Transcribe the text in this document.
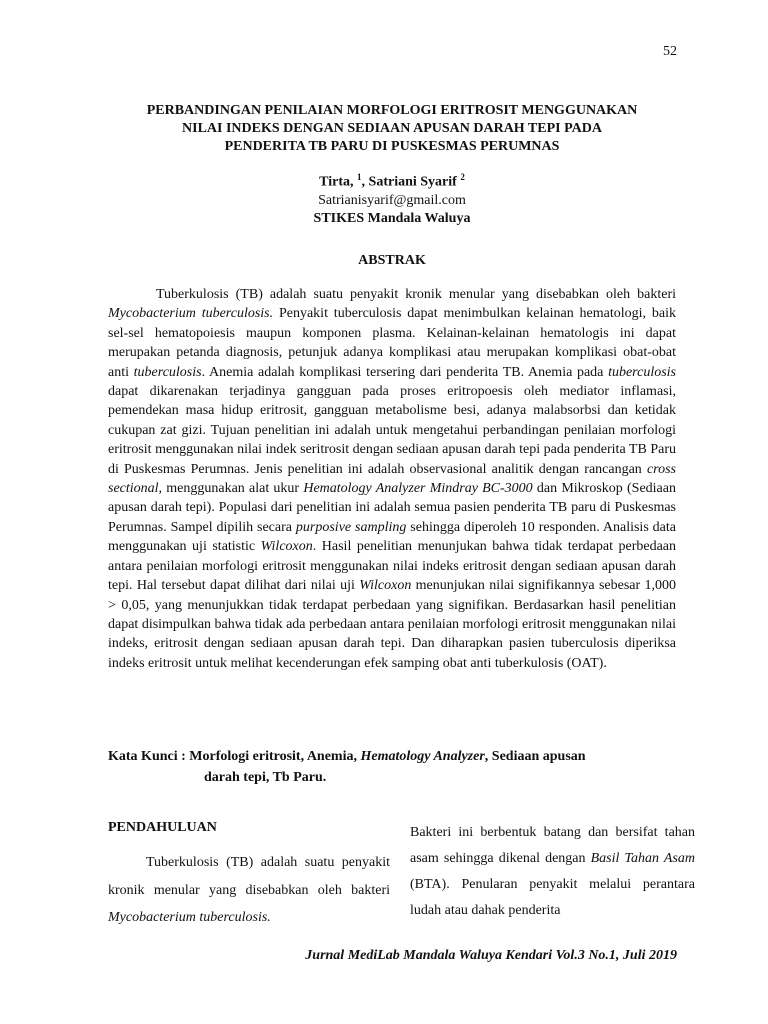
52
PERBANDINGAN PENILAIAN MORFOLOGI ERITROSIT MENGGUNAKAN
NILAI INDEKS DENGAN SEDIAAN APUSAN DARAH TEPI PADA
PENDERITA TB PARU DI PUSKESMAS PERUMNAS
Tirta, $^1$, Satriani Syarif $^2$
Satrianisyarif@gmail.com
STIKES Mandala Waluya
ABSTRAK

Tuberkulosis (TB) adalah suatu penyakit kronik menular yang disebabkan oleh bakteri Mycobacterium tuberculosis. Penyakit tuberculosis dapat menimbulkan kelainan hematologi, baik sel-sel hematopoiesis maupun komponen plasma. Kelainan-kelainan hematologis ini dapat merupakan petanda diagnosis, petunjuk adanya komplikasi atau merupakan komplikasi obat-obat anti tuberculosis. Anemia adalah komplikasi tersering dari penderita TB. Anemia pada tuberculosis dapat dikarenakan terjadinya gangguan pada proses eritropoesis oleh mediator inflamasi, pemendekan masa hidup eritrosit, gangguan metabolisme besi, adanya malabsorbsi dan ketidak cukupan zat gizi. Tujuan penelitian ini adalah untuk mengetahui perbandingan penilaian morfologi eritrosit menggunakan nilai indek seritrosit dengan sediaan apusan darah tepi pada penderita TB Paru di Puskesmas Perumnas. Jenis penelitian ini adalah observasional analitik dengan rancangan cross sectional, menggunakan alat ukur Hematology Analyzer Mindray BC-3000 dan Mikroskop (Sediaan apusan darah tepi). Populasi dari penelitian ini adalah semua pasien penderita TB paru di Puskesmas Perumnas. Sampel dipilih secara purposive sampling sehingga diperoleh 10 responden. Analisis data menggunakan uji statistic Wilcoxon. Hasil penelitian menunjukan bahwa tidak terdapat perbedaan antara penilaian morfologi eritrosit menggunakan nilai indeks eritrosit dengan sediaan apusan darah tepi. Hal tersebut dapat dilihat dari nilai uji Wilcoxon menunjukan nilai signifikannya sebesar 1,000 > 0,05, yang menunjukkan tidak terdapat perbedaan yang signifikan. Berdasarkan hasil penelitian dapat disimpulkan bahwa tidak ada perbedaan antara penilaian morfologi eritrosit menggunakan nilai indeks, eritrosit dengan sediaan apusan darah tepi. Dan diharapkan pasien tuberculosis diperiksa indeks eritrosit untuk melihat kecenderungan efek samping obat anti tuberkulosis (OAT).

Kata Kunci : Morfologi eritrosit, Anemia, Hematology Analyzer, Sediaan apusan
darah tepi, Tb Paru.
PENDAHULUAN

Tuberkulosis (TB) adalah suatu penyakit kronik menular yang disebabkan oleh bakteri Mycobacterium tuberculosis.

Bakteri ini berbentuk batang dan bersifat tahan asam sehingga dikenal dengan Basil Tahan Asam (BTA). Penularan penyakit melalui perantara ludah atau dahak penderita

Jurnal MediLab Mandala Waluya Kendari Vol.3 No.1, Juli 2019
